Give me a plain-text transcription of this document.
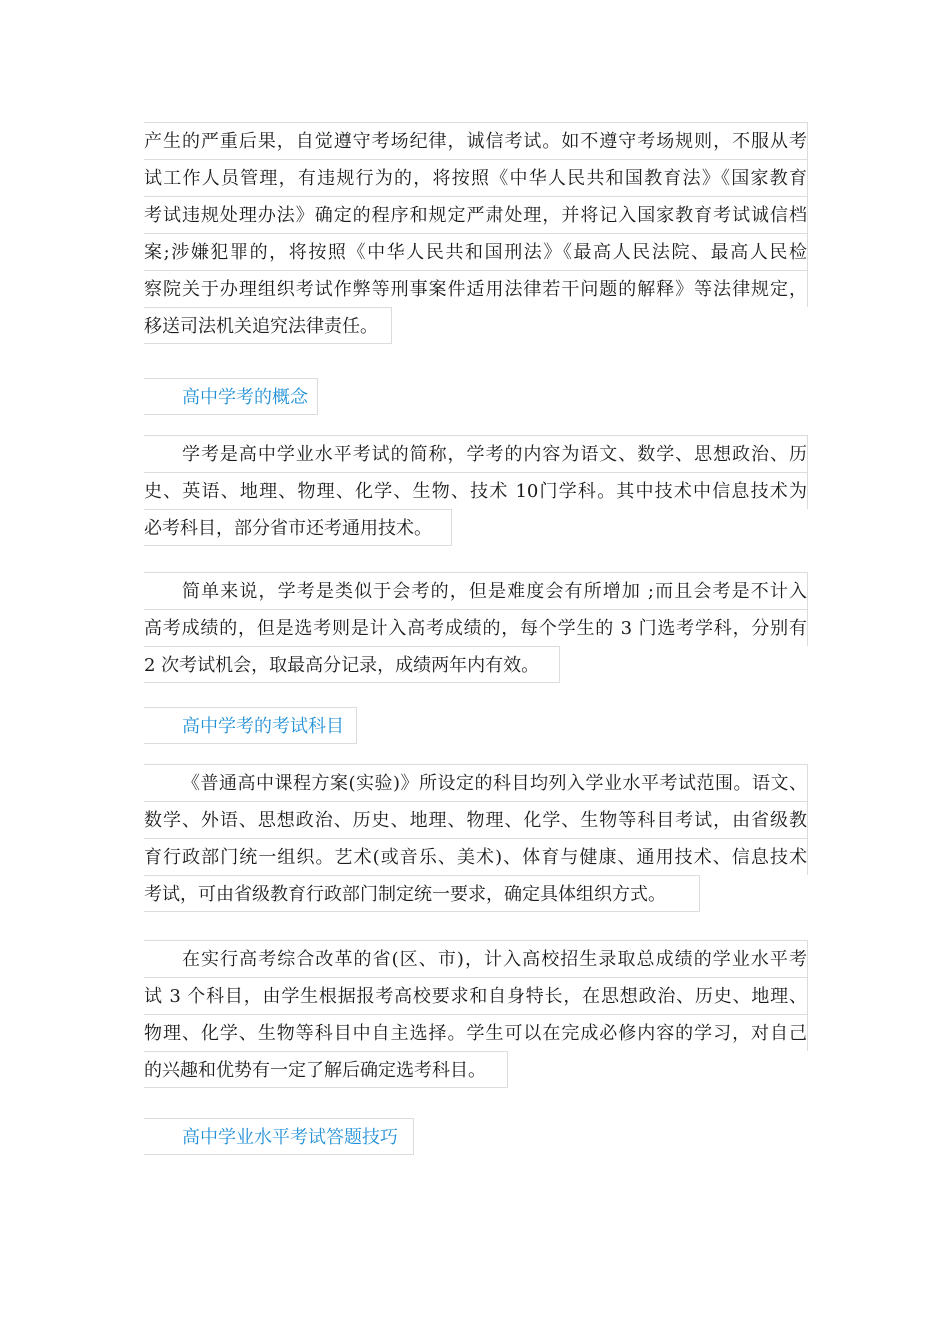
产生的严重后果，自觉遵守考场纪律，诚信考试。如不遵守考场规则，不服从考
试工作人员管理，有违规行为的，将按照《中华人民共和国教育法》《国家教育
考试违规处理办法》确定的程序和规定严肃处理，并将记入国家教育考试诚信档
案;涉嫌犯罪的，将按照《中华人民共和国刑法》《最高人民法院、最高人民检
察院关于办理组织考试作弊等刑事案件适用法律若干问题的解释》等法律规定，
移送司法机关追究法律责任。
高中学考的概念
学考是高中学业水平考试的简称，学考的内容为语文、数学、思想政治、历
史、英语、地理、物理、化学、生物、技术 10门学科。其中技术中信息技术为
必考科目，部分省市还考通用技术。
简单来说，学考是类似于会考的，但是难度会有所增加 ;而且会考是不计入
高考成绩的，但是选考则是计入高考成绩的，每个学生的 3 门选考学科，分别有
2 次考试机会，取最高分记录，成绩两年内有效。
高中学考的考试科目
《普通高中课程方案(实验)》所设定的科目均列入学业水平考试范围。语文、
数学、外语、思想政治、历史、地理、物理、化学、生物等科目考试，由省级教
育行政部门统一组织。艺术(或音乐、美术)、体育与健康、通用技术、信息技术
考试，可由省级教育行政部门制定统一要求，确定具体组织方式。
在实行高考综合改革的省(区、市)，计入高校招生录取总成绩的学业水平考
试 3 个科目，由学生根据报考高校要求和自身特长，在思想政治、历史、地理、
物理、化学、生物等科目中自主选择。学生可以在完成必修内容的学习，对自己
的兴趣和优势有一定了解后确定选考科目。
高中学业水平考试答题技巧
